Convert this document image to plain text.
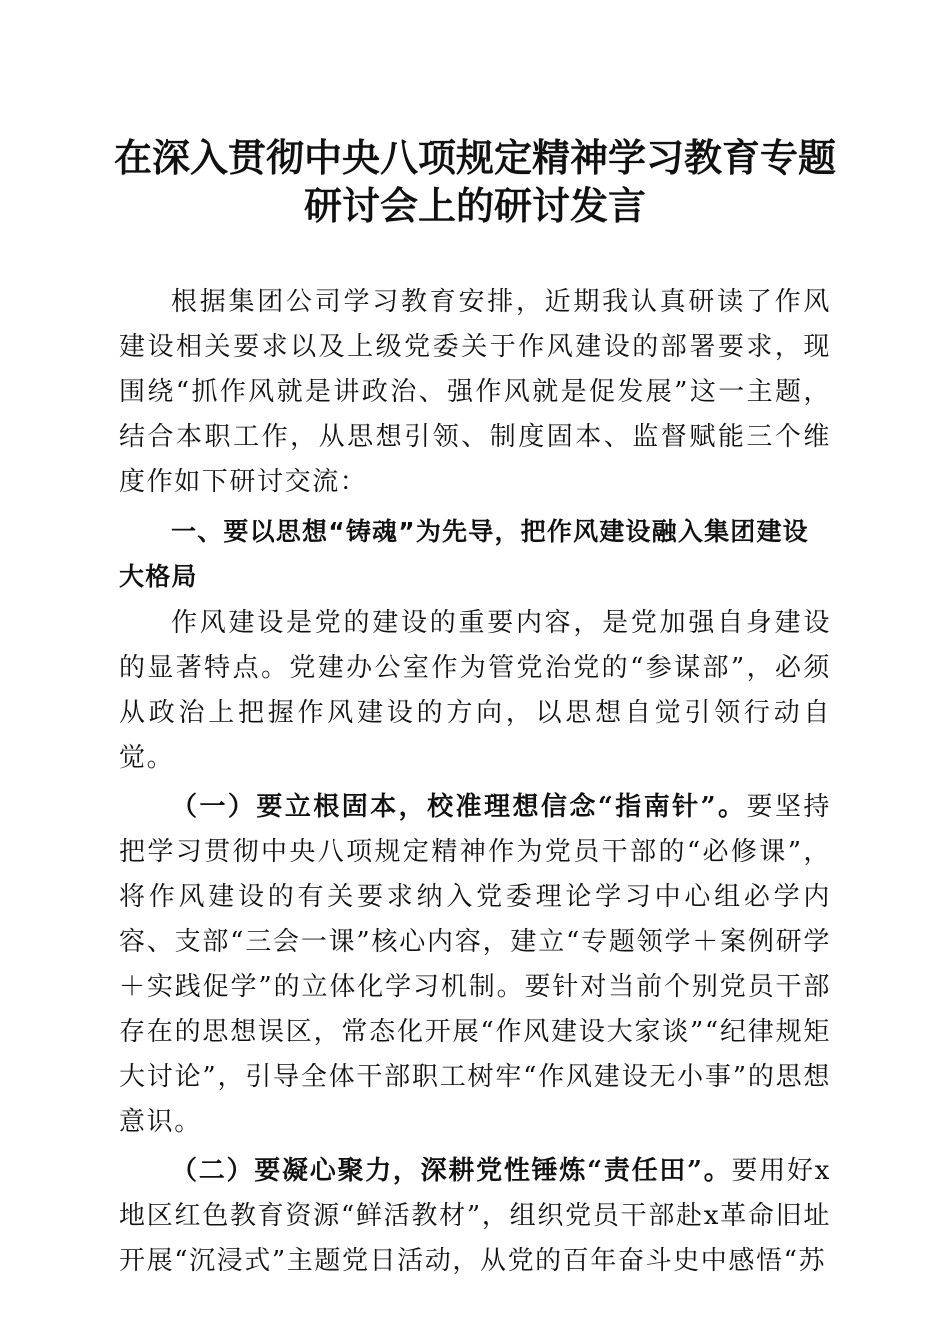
在深入贯彻中央八项规定精神学习教育专题研讨会上的研讨发言

根据集团公司学习教育安排，近期我认真研读了作风建设相关要求以及上级党委关于作风建设的部署要求，现围绕“抓作风就是讲政治、强作风就是促发展”这一主题，结合本职工作，从思想引领、制度固本、监督赋能三个维度作如下研讨交流：

一、要以思想“铸魂”为先导，把作风建设融入集团建设大格局

作风建设是党的建设的重要内容，是党加强自身建设的显著特点。党建办公室作为管党治党的“参谋部”，必须从政治上把握作风建设的方向，以思想自觉引领行动自觉。

（一）要立根固本，校准理想信念“指南针”。要坚持把学习贯彻中央八项规定精神作为党员干部的“必修课”，将作风建设的有关要求纳入党委理论学习中心组必学内容、支部“三会一课”核心内容，建立“专题领学＋案例研学＋实践促学”的立体化学习机制。要针对当前个别党员干部存在的思想误区，常态化开展“作风建设大家谈”“纪律规矩大讨论”，引导全体干部职工树牢“作风建设无小事”的思想意识。

（二）要凝心聚力，深耕党性锤炼“责任田”。要用好x地区红色教育资源“鲜活教材”，组织党员干部赴x革命旧址开展“沉浸式”主题党日活动，从党的百年奋斗史中感悟“苏
